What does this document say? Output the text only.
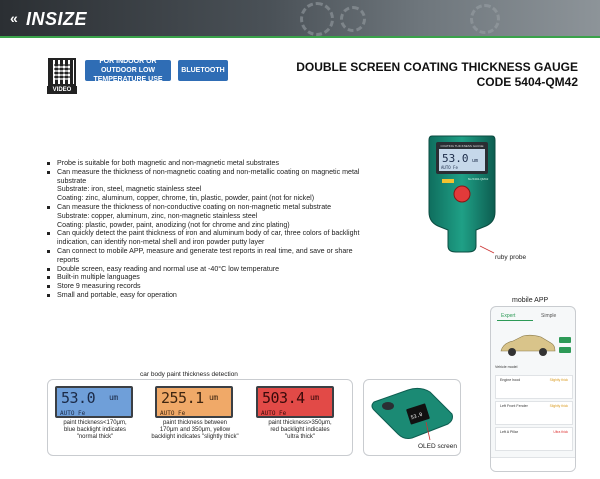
« INSIZE
VIDEO
FOR INDOOR OR OUTDOOR LOW TEMPERATURE USE
BLUETOOTH	DOUBLE SCREEN COATING THICKNESS GAUGE
CODE 5404-QM42
Probe is suitable for both magnetic and non-magnetic metal substrates
Can measure the thickness of non-magnetic coating and non-metallic coating on magnetic metal substrate
Substrate: iron, steel, magnetic stainless steel
Coating: zinc, aluminum, copper, chrome, tin, plastic, powder, paint (not for nickel)
Can measure the thickness of non-conductive coating on non-magnetic metal substrate
Substrate: copper, aluminum, zinc, non-magnetic stainless steel
Coating: plastic, powder, paint, anodizing (not for chrome and zinc plating)
Can quickly detect the paint thickness of iron and aluminum body of car, three colors of backlight indication, can identify non-metal shell and iron powder putty layer
Can connect to mobile APP, measure and generate test reports in real time, and save or share reports
Double screen, easy reading and normal use at -40°C low temperature
Built-in multiple languages
Store 9 measuring records
Small and portable, easy for operation
COATING THICKNESS GAUGE
53.0 um
AUTO Fe
No.5404-QM42
ruby probe
mobile APP
Expert	Simple
Vehicle model
Engine hood	Slightly thick
Left Front Fender	Slightly thick
Left A Pillar	Ultra thick
car body paint thickness detection
53.0 um
AUTO Fe
255.1 um
AUTO Fe
503.4 um
AUTO Fe
paint thickness<170μm,
blue backlight indicates
"normal thick"
paint thickness between
170μm and 350μm, yellow
backlight indicates "slightly thick"
paint thickness>350μm,
red backlight indicates
"ultra thick"
53.0
OLED screen
